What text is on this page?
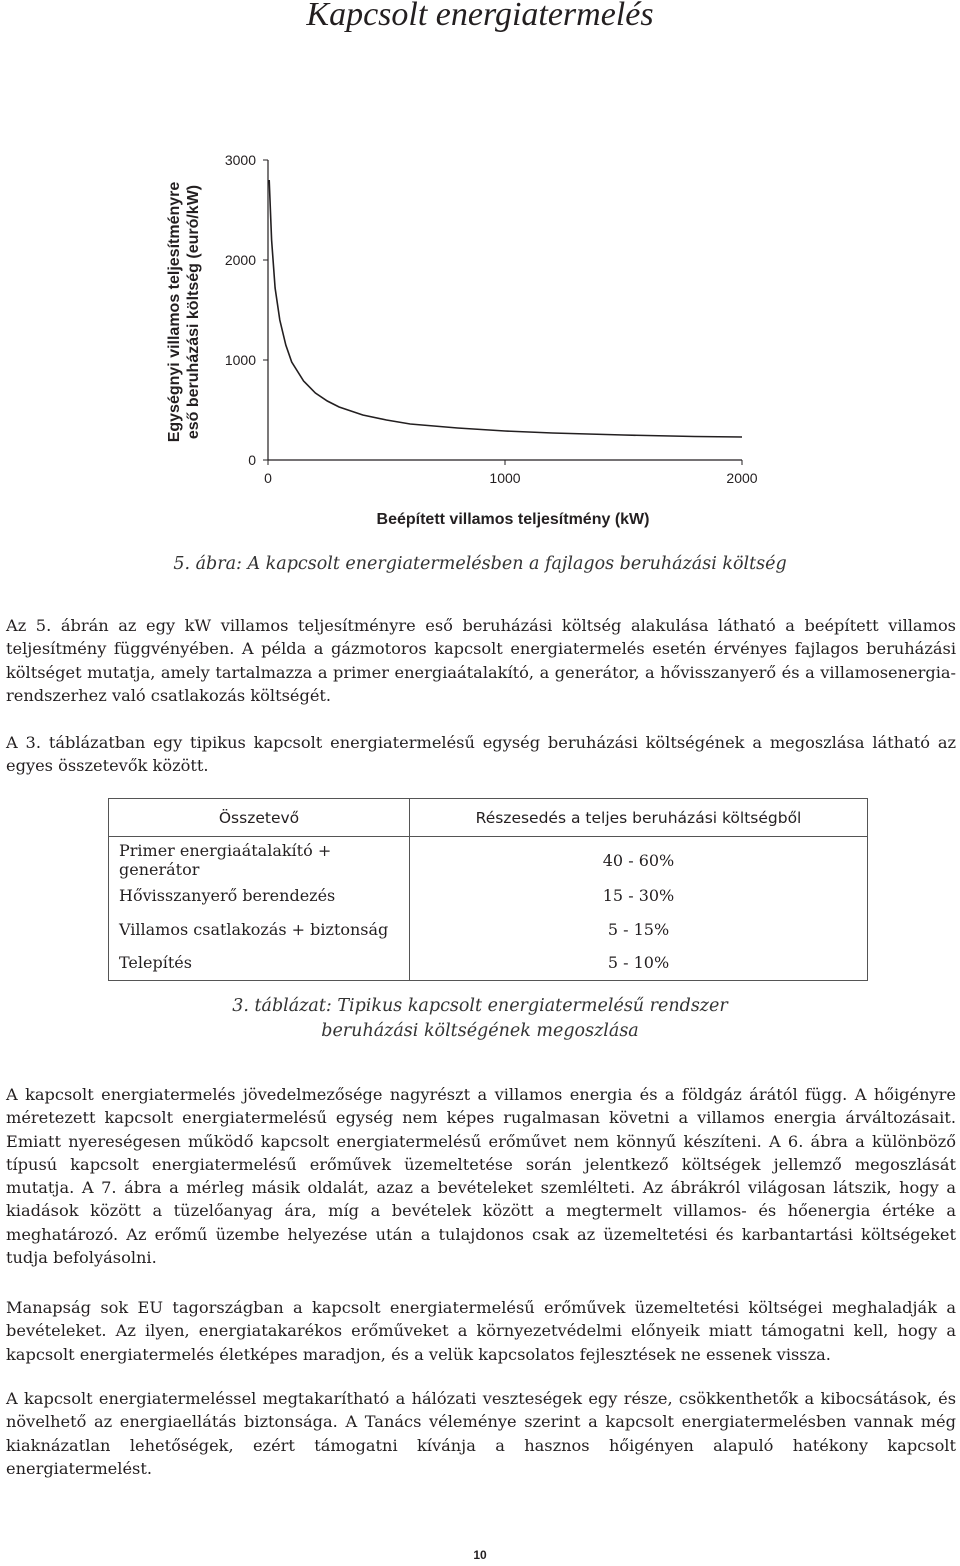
Kapcsolt energiatermelés
Egységnyi villamos teljesítményre eső beruházási költség (euró/kW)
Beépített villamos teljesítmény (kW)
0
1000
2000
3000
0	1000	2000
5. ábra: A kapcsolt energiatermelésben a fajlagos beruházási költség

Az 5. ábrán az egy kW villamos teljesítményre eső beruházási költség alakulása látható a beépített villamos teljesítmény függvényében. A példa a gázmotoros kapcsolt energiatermelés esetén érvényes fajlagos beruházási költséget mutatja, amely tartalmazza a primer energiaátalakító, a generátor, a hővisszanyerő és a villamosenergia-rendszerhez való csatlakozás költségét.

A 3. táblázatban egy tipikus kapcsolt energiatermelésű egység beruházási költségének a megoszlása látható az egyes összetevők között.

Összetevő	Részesedés a teljes beruházási költségből
Primer energiaátalakító + generátor	40 - 60%
Hővisszanyerő berendezés	15 - 30%
Villamos csatlakozás + biztonság	5 - 15%
Telepítés	5 - 10%
3. táblázat: Tipikus kapcsolt energiatermelésű rendszer
beruházási költségének megoszlása

A kapcsolt energiatermelés jövedelmezősége nagyrészt a villamos energia és a földgáz árától függ. A hőigényre méretezett kapcsolt energiatermelésű egység nem képes rugalmasan követni a villamos energia árváltozásait. Emiatt nyereségesen működő kapcsolt energiatermelésű erőművet nem könnyű készíteni. A 6. ábra a különböző típusú kapcsolt energiatermelésű erőművek üzemeltetése során jelentkező költségek jellemző megoszlását mutatja. A 7. ábra a mérleg másik oldalát, azaz a bevételeket szemlélteti. Az ábrákról világosan látszik, hogy a kiadások között a tüzelőanyag ára, míg a bevételek között a megtermelt villamos- és hőenergia értéke a meghatározó. Az erőmű üzembe helyezése után a tulajdonos csak az üzemeltetési és karbantartási költségeket tudja befolyásolni.

Manapság sok EU tagországban a kapcsolt energiatermelésű erőművek üzemeltetési költségei meghaladják a bevételeket. Az ilyen, energiatakarékos erőműveket a környezetvédelmi előnyeik miatt támogatni kell, hogy a kapcsolt energiatermelés életképes maradjon, és a velük kapcsolatos fejlesztések ne essenek vissza.

A kapcsolt energiatermeléssel megtakarítható a hálózati veszteségek egy része, csökkenthetők a kibocsátások, és növelhető az energiaellátás biztonsága. A Tanács véleménye szerint a kapcsolt energiatermelésben vannak még kiaknázatlan lehetőségek, ezért támogatni kívánja a hasznos hőigényen alapuló hatékony kapcsolt energiatermelést.

10
